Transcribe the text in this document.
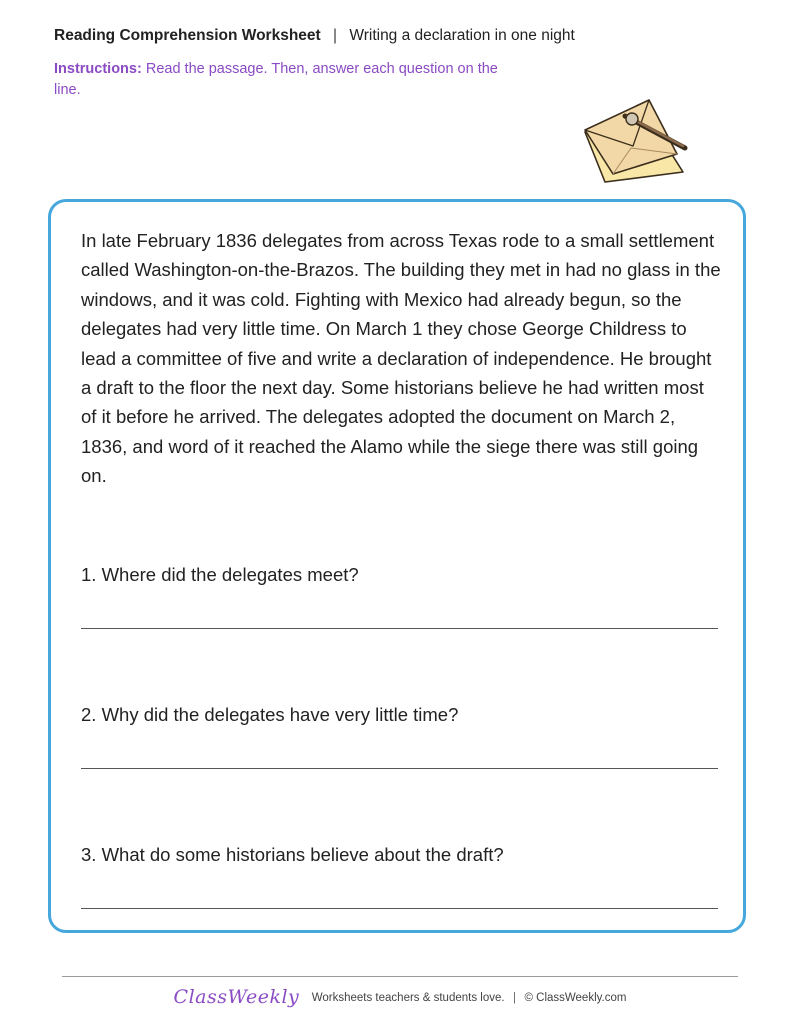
Reading Comprehension Worksheet | Writing a declaration in one night
Instructions: Read the passage. Then, answer each question on the line.

In late February 1836 delegates from across Texas rode to a small settlement called Washington-on-the-Brazos. The building they met in had no glass in the windows, and it was cold. Fighting with Mexico had already begun, so the delegates had very little time. On March 1 they chose George Childress to lead a committee of five and write a declaration of independence. He brought a draft to the floor the next day. Some historians believe he had written most of it before he arrived. The delegates adopted the document on March 2, 1836, and word of it reached the Alamo while the siege there was still going on.

1. Where did the delegates meet?
2. Why did the delegates have very little time?
3. What do some historians believe about the draft?
ClassWeekly Worksheets teachers & students love. | © ClassWeekly.com
